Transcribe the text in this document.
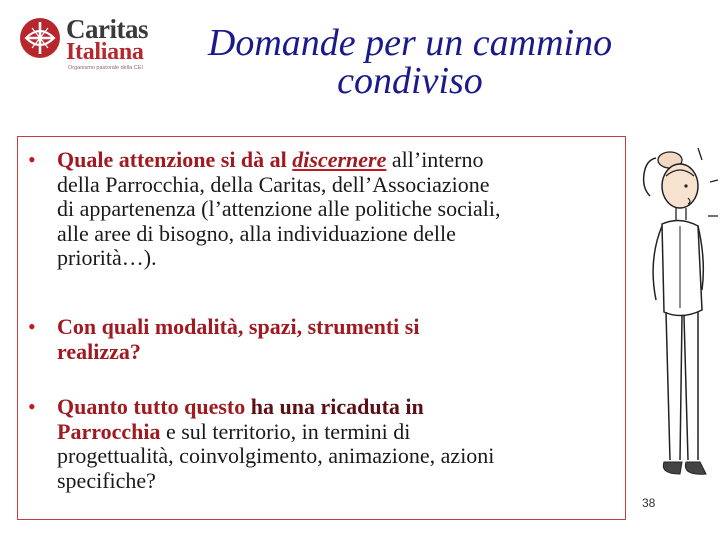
Caritas
Italiana
Organismo pastorale della CEI
Domande per un cammino
condiviso
• Quale attenzione si dà al discernere all’interno
della Parrocchia, della Caritas, dell’Associazione
di appartenenza (l’attenzione alle politiche sociali,
alle aree di bisogno, alla individuazione delle
priorità…).
• Con quali modalità, spazi, strumenti si
realizza?
• Quanto tutto questo ha una ricaduta in
Parrocchia e sul territorio, in termini di
progettualità, coinvolgimento, animazione, azioni
specifiche?
38
